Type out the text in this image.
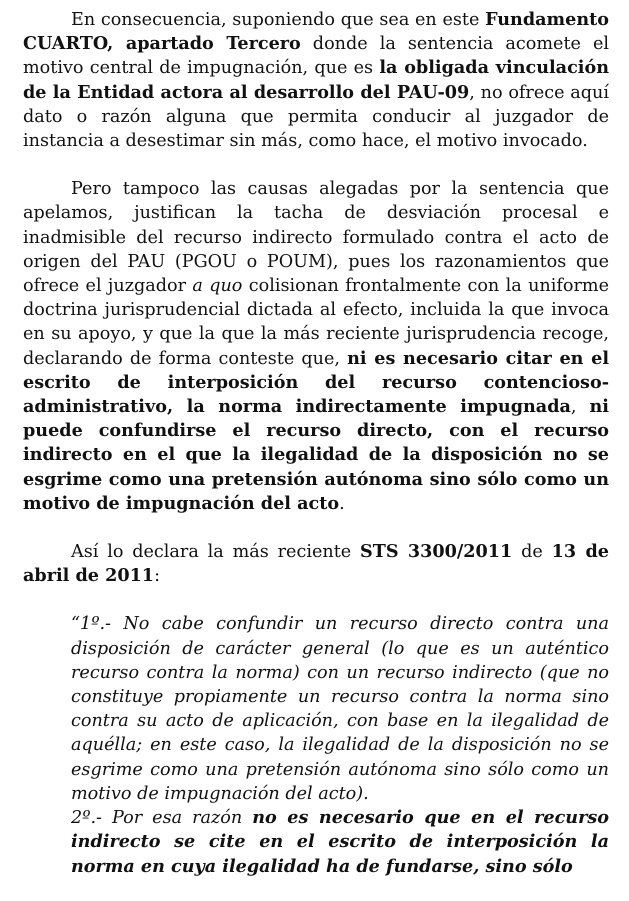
En consecuencia, suponiendo que sea en este Fundamento CUARTO, apartado Tercero donde la sentencia acomete el motivo central de impugnación, que es la obligada vinculación de la Entidad actora al desarrollo del PAU-09, no ofrece aquí dato o razón alguna que permita conducir al juzgador de instancia a desestimar sin más, como hace, el motivo invocado.

Pero tampoco las causas alegadas por la sentencia que apelamos, justifican la tacha de desviación procesal e inadmisible del recurso indirecto formulado contra el acto de origen del PAU (PGOU o POUM), pues los razonamientos que ofrece el juzgador a quo colisionan frontalmente con la uniforme doctrina jurisprudencial dictada al efecto, incluida la que invoca en su apoyo, y que la que la más reciente jurisprudencia recoge, declarando de forma conteste que, ni es necesario citar en el escrito de interposición del recurso contencioso-administrativo, la norma indirectamente impugnada, ni puede confundirse el recurso directo, con el recurso indirecto en el que la ilegalidad de la disposición no se esgrime como una pretensión autónoma sino sólo como un motivo de impugnación del acto.

Así lo declara la más reciente STS 3300/2011 de 13 de abril de 2011:

“1º.- No cabe confundir un recurso directo contra una disposición de carácter general (lo que es un auténtico recurso contra la norma) con un recurso indirecto (que no constituye propiamente un recurso contra la norma sino contra su acto de aplicación, con base en la ilegalidad de aquélla; en este caso, la ilegalidad de la disposición no se esgrime como una pretensión autónoma sino sólo como un motivo de impugnación del acto).

2º.- Por esa razón no es necesario que en el recurso indirecto se cite en el escrito de interposición la norma en cuya ilegalidad ha de fundarse, sino sólo
